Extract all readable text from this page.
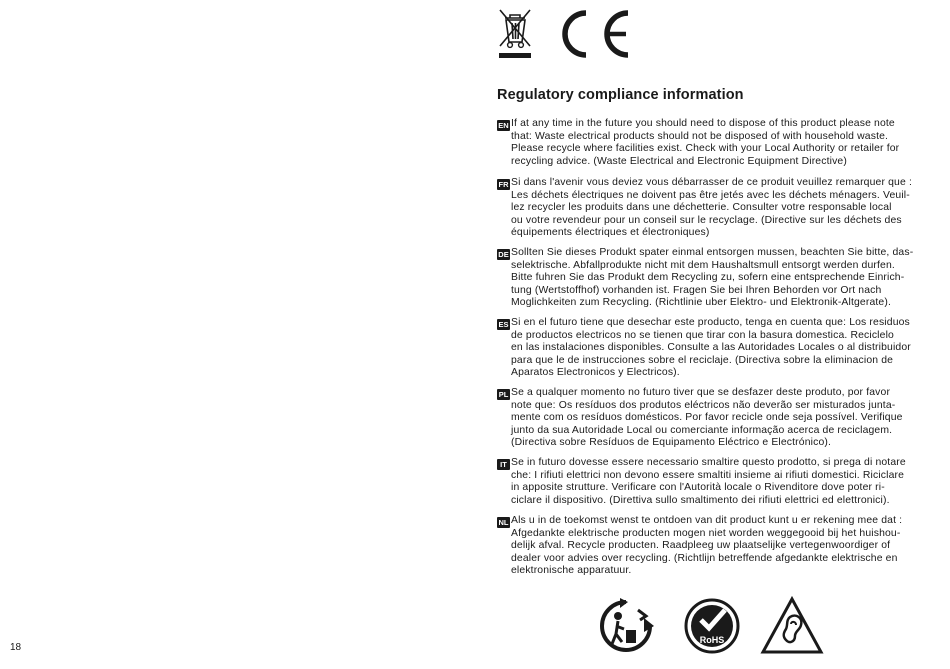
Regulatory compliance information
EN If at any time in the future you should need to dispose of this product please note
that: Waste electrical products should not be disposed of with household waste.
Please recycle where facilities exist. Check with your Local Authority or retailer for
recycling advice. (Waste Electrical and Electronic Equipment Directive)

FR Si dans l'avenir vous deviez vous débarrasser de ce produit veuillez remarquer que :
Les déchets électriques ne doivent pas être jetés avec les déchets ménagers. Veuil-
lez recycler les produits dans une déchetterie. Consulter votre responsable local
ou votre revendeur pour un conseil sur le recyclage. (Directive sur les déchets des
équipements électriques et électroniques)

DE Sollten Sie dieses Produkt spater einmal entsorgen mussen, beachten Sie bitte, das-
selektrische. Abfallprodukte nicht mit dem Haushaltsmull entsorgt werden durfen.
Bitte fuhren Sie das Produkt dem Recycling zu, sofern eine entsprechende Einrich-
tung (Wertstoffhof) vorhanden ist. Fragen Sie bei Ihren Behorden vor Ort nach
Moglichkeiten zum Recycling. (Richtlinie uber Elektro- und Elektronik-Altgerate).

ES Si en el futuro tiene que desechar este producto, tenga en cuenta que: Los residuos
de productos electricos no se tienen que tirar con la basura domestica. Reciclelo
en las instalaciones disponibles. Consulte a las Autoridades Locales o al distribuidor
para que le de instrucciones sobre el reciclaje. (Directiva sobre la eliminacion de
Aparatos Electronicos y Electricos).

PL Se a qualquer momento no futuro tiver que se desfazer deste produto, por favor
note que: Os resíduos dos produtos eléctricos não deverão ser misturados junta-
mente com os resíduos domésticos. Por favor recicle onde seja possível. Verifique
junto da sua Autoridade Local ou comerciante informação acerca de reciclagem.
(Directiva sobre Resíduos de Equipamento Eléctrico e Electrónico).

IT Se in futuro dovesse essere necessario smaltire questo prodotto, si prega di notare
che: I rifiuti elettrici non devono essere smaltiti insieme ai rifiuti domestici. Riciclare
in apposite strutture. Verificare con l'Autorità locale o Rivenditore dove poter ri-
ciclare il dispositivo. (Direttiva sullo smaltimento dei rifiuti elettrici ed elettronici).

NL Als u in de toekomst wenst te ontdoen van dit product kunt u er rekening mee dat :
Afgedankte elektrische producten mogen niet worden weggegooid bij het huishou-
delijk afval. Recycle producten. Raadpleeg uw plaatselijke vertegenwoordiger of
dealer voor advies over recycling. (Richtlijn betreffende afgedankte elektrische en
elektronische apparatuur.

RoHS
18
